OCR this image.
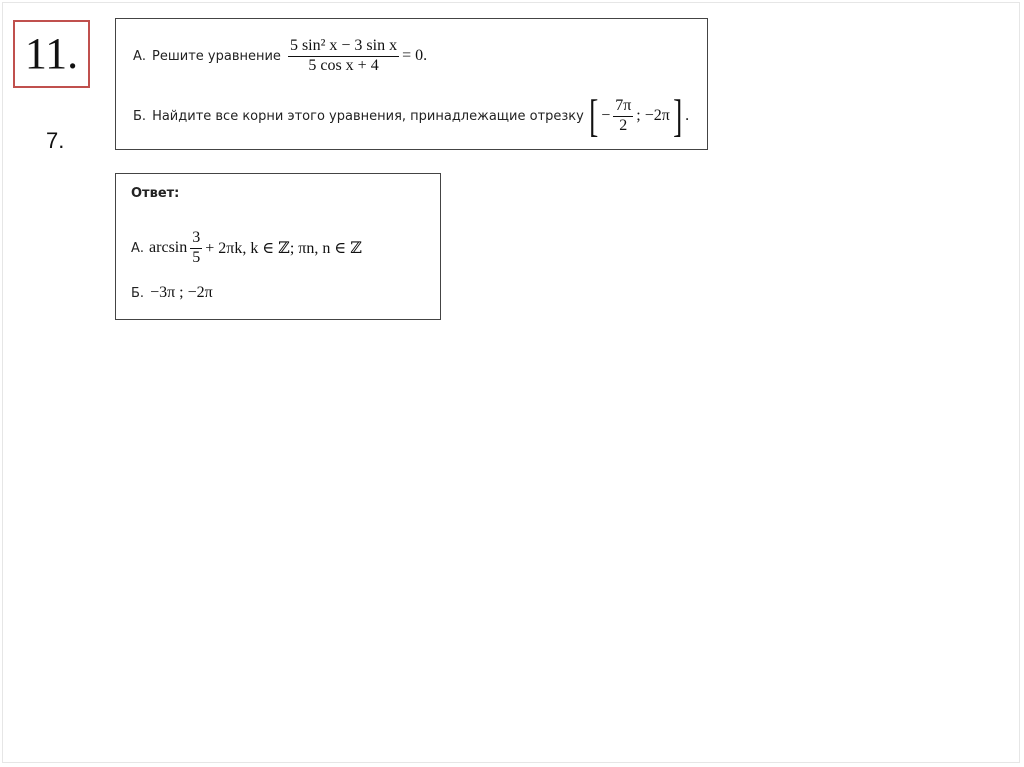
11.
7.
А. Решите уравнение $\frac{\text{5 sin² x − 3 sin x}}{\text{5 cos x + 4}} = 0$.
Б. Найдите все корни этого уравнения, принадлежащие отрезку [ − $\frac{7\pi}{2}$ ; −2π ] .
Ответ:
А. $\arcsin \frac{3}{5} + 2\pi k$, k ∈ ℤ; πn, n ∈ ℤ
Б. −3π ; −2π
